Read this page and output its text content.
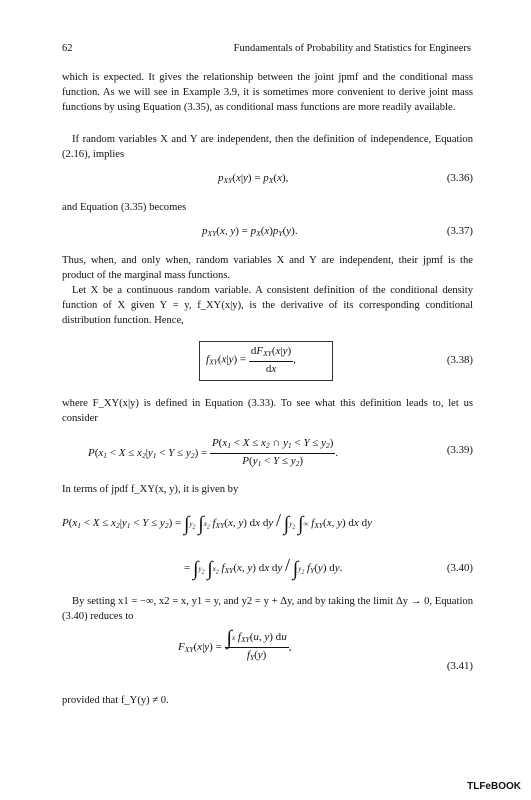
62	Fundamentals of Probability and Statistics for Engineers
which is expected. It gives the relationship between the joint jpmf and the conditional mass function. As we will see in Example 3.9, it is sometimes more convenient to derive joint mass functions by using Equation (3.35), as conditional mass functions are more readily available.
If random variables X and Y are independent, then the definition of independence, Equation (2.16), implies
$p_{XY}(x|y) = p_X(x)$,	(3.36)
and Equation (3.35) becomes
$p_{XY}(x$, $y) = p_X(x)p_Y(y)$.	(3.37)
Thus, when, and only when, random variables X and Y are independent, their jpmf is the product of the marginal mass functions.
Let X be a continuous random variable. A consistent definition of the conditional density function of X given Y = y, f_XY(x|y), is the derivative of its corresponding conditional distribution function. Hence,
$f_{XY}(x|y) = \frac{dF_{XY}(x|y)}{dx}$ ,	(3.38)
where F_XY(x|y) is defined in Equation (3.33). To see what this definition leads to, let us consider
$P(x_1 < X \le x_2|y_1 < Y \le y_2) = \frac{P(x_1 < X \le x_2 \cap y_1 < Y \le y_2)}{P(y_1 < Y \le y_2)}$ .	(3.39)
In terms of jpdf f_XY(x, y), it is given by
$P(x_1 < X \le x_2|y_1 < Y \le y_2) = \int y_2$ $\int x_2$ $f_{XY}(x$, y) dx dy / $\int y_2$ ∫∞ $f_{XY}(x$, y) dx dy
= $\int y_2$ $\int x_2$ $f_{XY}(x$, y) dx dy / $\int y_2$ $f_Y(y)$ dy.	(3.40)
By setting x1 = −∞, x2 = x, y1 = y, and y2 = y + Δy, and by taking the limit Δy → 0, Equation (3.40) reduces to
$F_{XY}(x|y) = \frac{\int x f_{XY}(u, y) du}{f_Y(y)}$ ,
(3.41)
provided that f_Y(y) ≠ 0.
TLFeBOOK
